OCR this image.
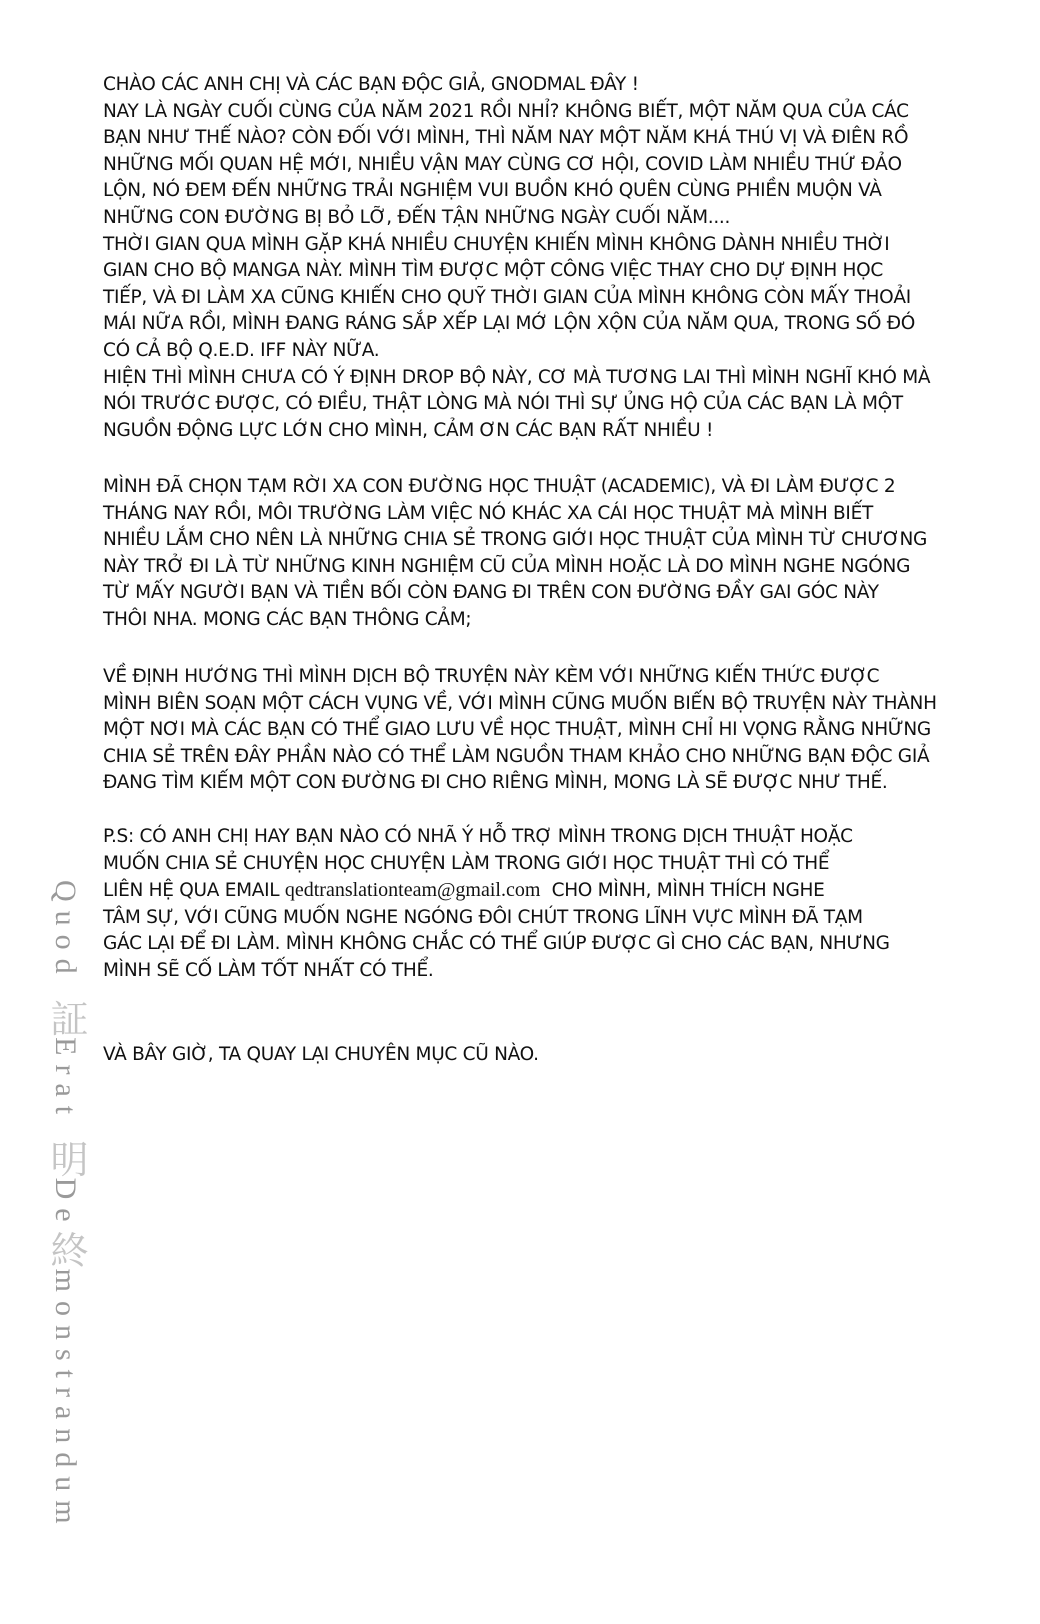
CHÀO CÁC ANH CHỊ VÀ CÁC BẠN ĐỘC GIẢ, GNODMAL ĐÂY !
NAY LÀ NGÀY CUỐI CÙNG CỦA NĂM 2021 RỒI NHỈ? KHÔNG BIẾT, MỘT NĂM QUA CỦA CÁC
BẠN NHƯ THẾ NÀO? CÒN ĐỐI VỚI MÌNH, THÌ NĂM NAY MỘT NĂM KHÁ THÚ VỊ VÀ ĐIÊN RỒ
NHỮNG MỐI QUAN HỆ MỚI, NHIỀU VẬN MAY CÙNG CƠ HỘI, COVID LÀM NHIỀU THỨ ĐẢO
LỘN, NÓ ĐEM ĐẾN NHỮNG TRẢI NGHIỆM VUI BUỒN KHÓ QUÊN CÙNG PHIỀN MUỘN VÀ
NHỮNG CON ĐƯỜNG BỊ BỎ LỠ, ĐẾN TẬN NHỮNG NGÀY CUỐI NĂM....
THỜI GIAN QUA MÌNH GẶP KHÁ NHIỀU CHUYỆN KHIẾN MÌNH KHÔNG DÀNH NHIỀU THỜI
GIAN CHO BỘ MANGA NÀY. MÌNH TÌM ĐƯỢC MỘT CÔNG VIỆC THAY CHO DỰ ĐỊNH HỌC
TIẾP, VÀ ĐI LÀM XA CŨNG KHIẾN CHO QUỸ THỜI GIAN CỦA MÌNH KHÔNG CÒN MẤY THOẢI
MÁI NỮA RỒI, MÌNH ĐANG RÁNG SẮP XẾP LẠI MỚ LỘN XỘN CỦA NĂM QUA, TRONG SỐ ĐÓ
CÓ CẢ BỘ Q.E.D. IFF NÀY NỮA.
HIỆN THÌ MÌNH CHƯA CÓ Ý ĐỊNH DROP BỘ NÀY, CƠ MÀ TƯƠNG LAI THÌ MÌNH NGHĨ KHÓ MÀ
NÓI TRƯỚC ĐƯỢC, CÓ ĐIỀU, THẬT LÒNG MÀ NÓI THÌ SỰ ỦNG HỘ CỦA CÁC BẠN LÀ MỘT
NGUỒN ĐỘNG LỰC LỚN CHO MÌNH, CẢM ƠN CÁC BẠN RẤT NHIỀU !
MÌNH ĐÃ CHỌN TẠM RỜI XA CON ĐƯỜNG HỌC THUẬT (ACADEMIC), VÀ ĐI LÀM ĐƯỢC 2
THÁNG NAY RỒI, MÔI TRƯỜNG LÀM VIỆC NÓ KHÁC XA CÁI HỌC THUẬT MÀ MÌNH BIẾT
NHIỀU LẮM CHO NÊN LÀ NHỮNG CHIA SẺ TRONG GIỚI HỌC THUẬT CỦA MÌNH TỪ CHƯƠNG
NÀY TRỞ ĐI LÀ TỪ NHỮNG KINH NGHIỆM CŨ CỦA MÌNH HOẶC LÀ DO MÌNH NGHE NGÓNG
TỪ MẤY NGƯỜI BẠN VÀ TIỀN BỐI CÒN ĐANG ĐI TRÊN CON ĐƯỜNG ĐẦY GAI GÓC NÀY
THÔI NHA. MONG CÁC BẠN THÔNG CẢM;
VỀ ĐỊNH HƯỚNG THÌ MÌNH DỊCH BỘ TRUYỆN NÀY KÈM VỚI NHỮNG KIẾN THỨC ĐƯỢC
MÌNH BIÊN SOẠN MỘT CÁCH VỤNG VỀ, VỚI MÌNH CŨNG MUỐN BIẾN BỘ TRUYỆN NÀY THÀNH
MỘT NƠI MÀ CÁC BẠN CÓ THỂ GIAO LƯU VỀ HỌC THUẬT, MÌNH CHỈ HI VỌNG RẰNG NHỮNG
CHIA SẺ TRÊN ĐÂY PHẦN NÀO CÓ THỂ LÀM NGUỒN THAM KHẢO CHO NHỮNG BẠN ĐỘC GIẢ
ĐANG TÌM KIẾM MỘT CON ĐƯỜNG ĐI CHO RIÊNG MÌNH, MONG LÀ SẼ ĐƯỢC NHƯ THẾ.
P.S: CÓ ANH CHỊ HAY BẠN NÀO CÓ NHÃ Ý HỖ TRỢ MÌNH TRONG DỊCH THUẬT HOẶC
MUỐN CHIA SẺ CHUYỆN HỌC CHUYỆN LÀM TRONG GIỚI HỌC THUẬT THÌ CÓ THỂ
LIÊN HỆ QUA EMAIL qedtranslationteam@gmail.com  CHO MÌNH, MÌNH THÍCH NGHE
TÂM SỰ, VỚI CŨNG MUỐN NGHE NGÓNG ĐÔI CHÚT TRONG LĨNH VỰC MÌNH ĐÃ TẠM
GÁC LẠI ĐỂ ĐI LÀM. MÌNH KHÔNG CHẮC CÓ THỂ GIÚP ĐƯỢC GÌ CHO CÁC BẠN, NHƯNG
MÌNH SẼ CỐ LÀM TỐT NHẤT CÓ THỂ.
VÀ BÂY GIỜ, TA QUAY LẠI CHUYÊN MỤC CŨ NÀO.
Quod 証Erat 明De終monstrandum
